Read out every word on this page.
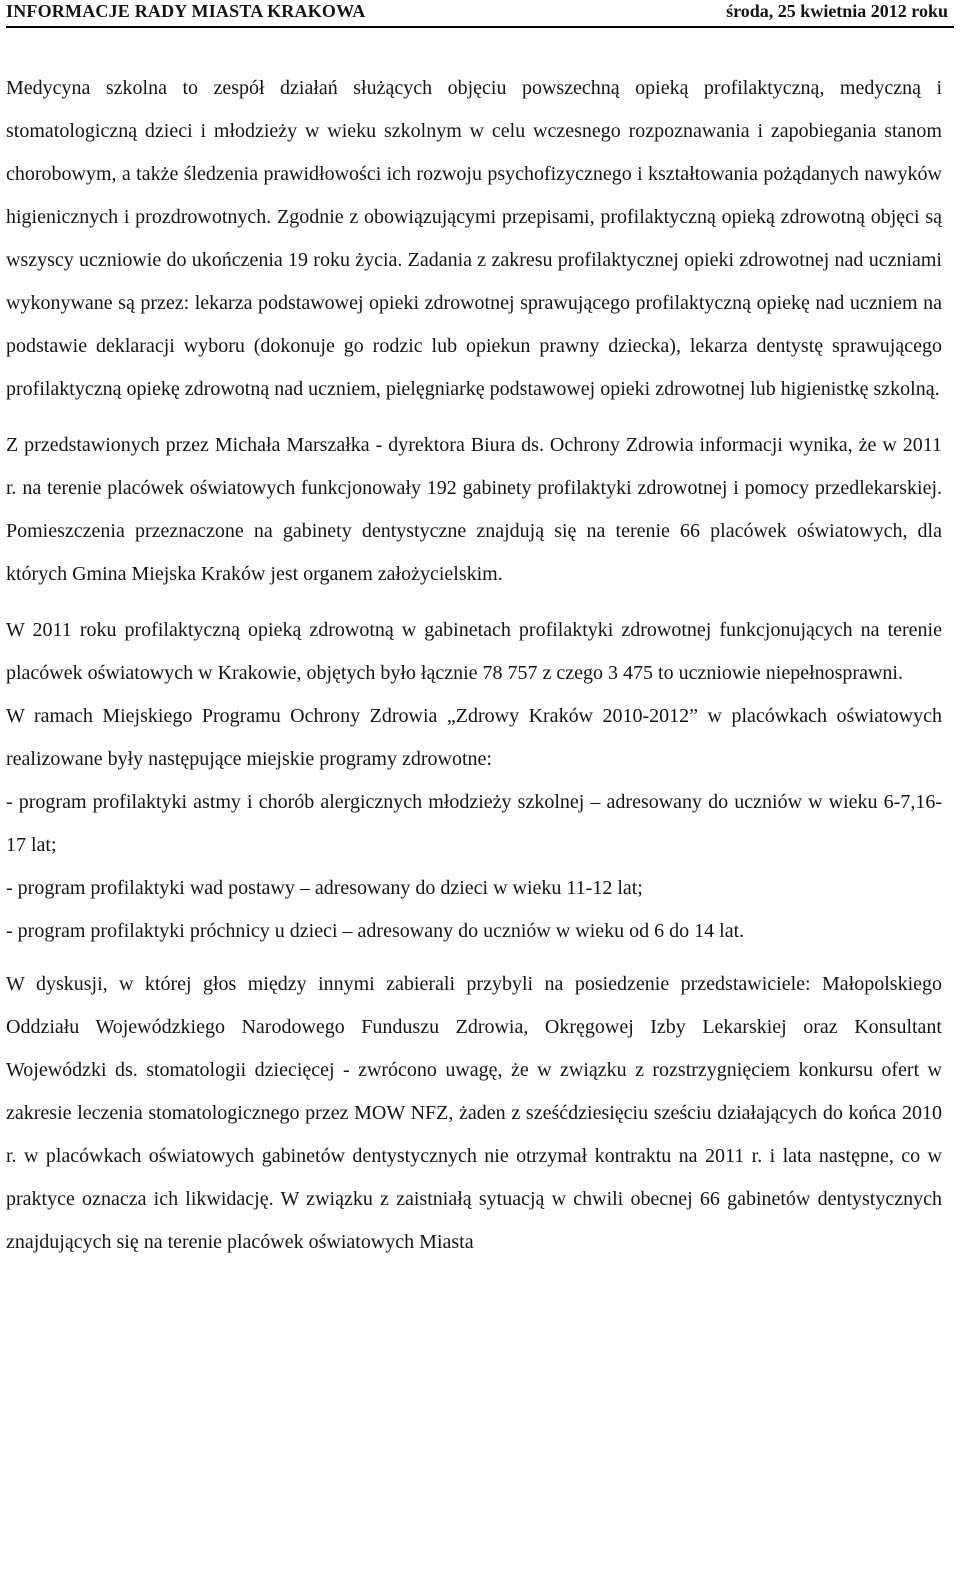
INFORMACJE RADY MIASTA KRAKOWA	środa, 25 kwietnia 2012 roku

Medycyna szkolna to zespół działań służących objęciu powszechną opieką profilaktyczną, medyczną i stomatologiczną dzieci i młodzieży w wieku szkolnym w celu wczesnego rozpoznawania i zapobiegania stanom chorobowym, a także śledzenia prawidłowości ich rozwoju psychofizycznego i kształtowania pożądanych nawyków higienicznych i prozdrowotnych. Zgodnie z obowiązującymi przepisami, profilaktyczną opieką zdrowotną objęci są wszyscy uczniowie do ukończenia 19 roku życia. Zadania z zakresu profilaktycznej opieki zdrowotnej nad uczniami wykonywane są przez: lekarza podstawowej opieki zdrowotnej sprawującego profilaktyczną opiekę nad uczniem na podstawie deklaracji wyboru (dokonuje go rodzic lub opiekun prawny dziecka), lekarza dentystę sprawującego profilaktyczną opiekę zdrowotną nad uczniem, pielęgniarkę podstawowej opieki zdrowotnej lub higienistkę szkolną.

Z przedstawionych przez Michała Marszałka - dyrektora Biura ds. Ochrony Zdrowia informacji wynika, że w 2011 r. na terenie placówek oświatowych funkcjonowały 192 gabinety profilaktyki zdrowotnej i pomocy przedlekarskiej. Pomieszczenia przeznaczone na gabinety dentystyczne znajdują się na terenie 66 placówek oświatowych, dla których Gmina Miejska Kraków jest organem założycielskim.

W 2011 roku profilaktyczną opieką zdrowotną w gabinetach profilaktyki zdrowotnej funkcjonujących na terenie placówek oświatowych w Krakowie, objętych było łącznie 78 757 z czego 3 475 to uczniowie niepełnosprawni.

W ramach Miejskiego Programu Ochrony Zdrowia „Zdrowy Kraków 2010-2012” w placówkach oświatowych realizowane były następujące miejskie programy zdrowotne:

- program profilaktyki astmy i chorób alergicznych młodzieży szkolnej – adresowany do uczniów w wieku 6-7,16-17 lat;

- program profilaktyki wad postawy – adresowany do dzieci w wieku 11-12 lat;

- program profilaktyki próchnicy u dzieci – adresowany do uczniów w wieku od 6 do 14 lat.

W dyskusji, w której głos między innymi zabierali przybyli na posiedzenie przedstawiciele: Małopolskiego Oddziału Wojewódzkiego Narodowego Funduszu Zdrowia, Okręgowej Izby Lekarskiej oraz Konsultant Wojewódzki ds. stomatologii dziecięcej - zwrócono uwagę, że w związku z rozstrzygnięciem konkursu ofert w zakresie leczenia stomatologicznego przez MOW NFZ, żaden z sześćdziesięciu sześciu działających do końca 2010 r. w placówkach oświatowych gabinetów dentystycznych nie otrzymał kontraktu na 2011 r. i lata następne, co w praktyce oznacza ich likwidację. W związku z zaistniałą sytuacją w chwili obecnej 66 gabinetów dentystycznych znajdujących się na terenie placówek oświatowych Miasta
